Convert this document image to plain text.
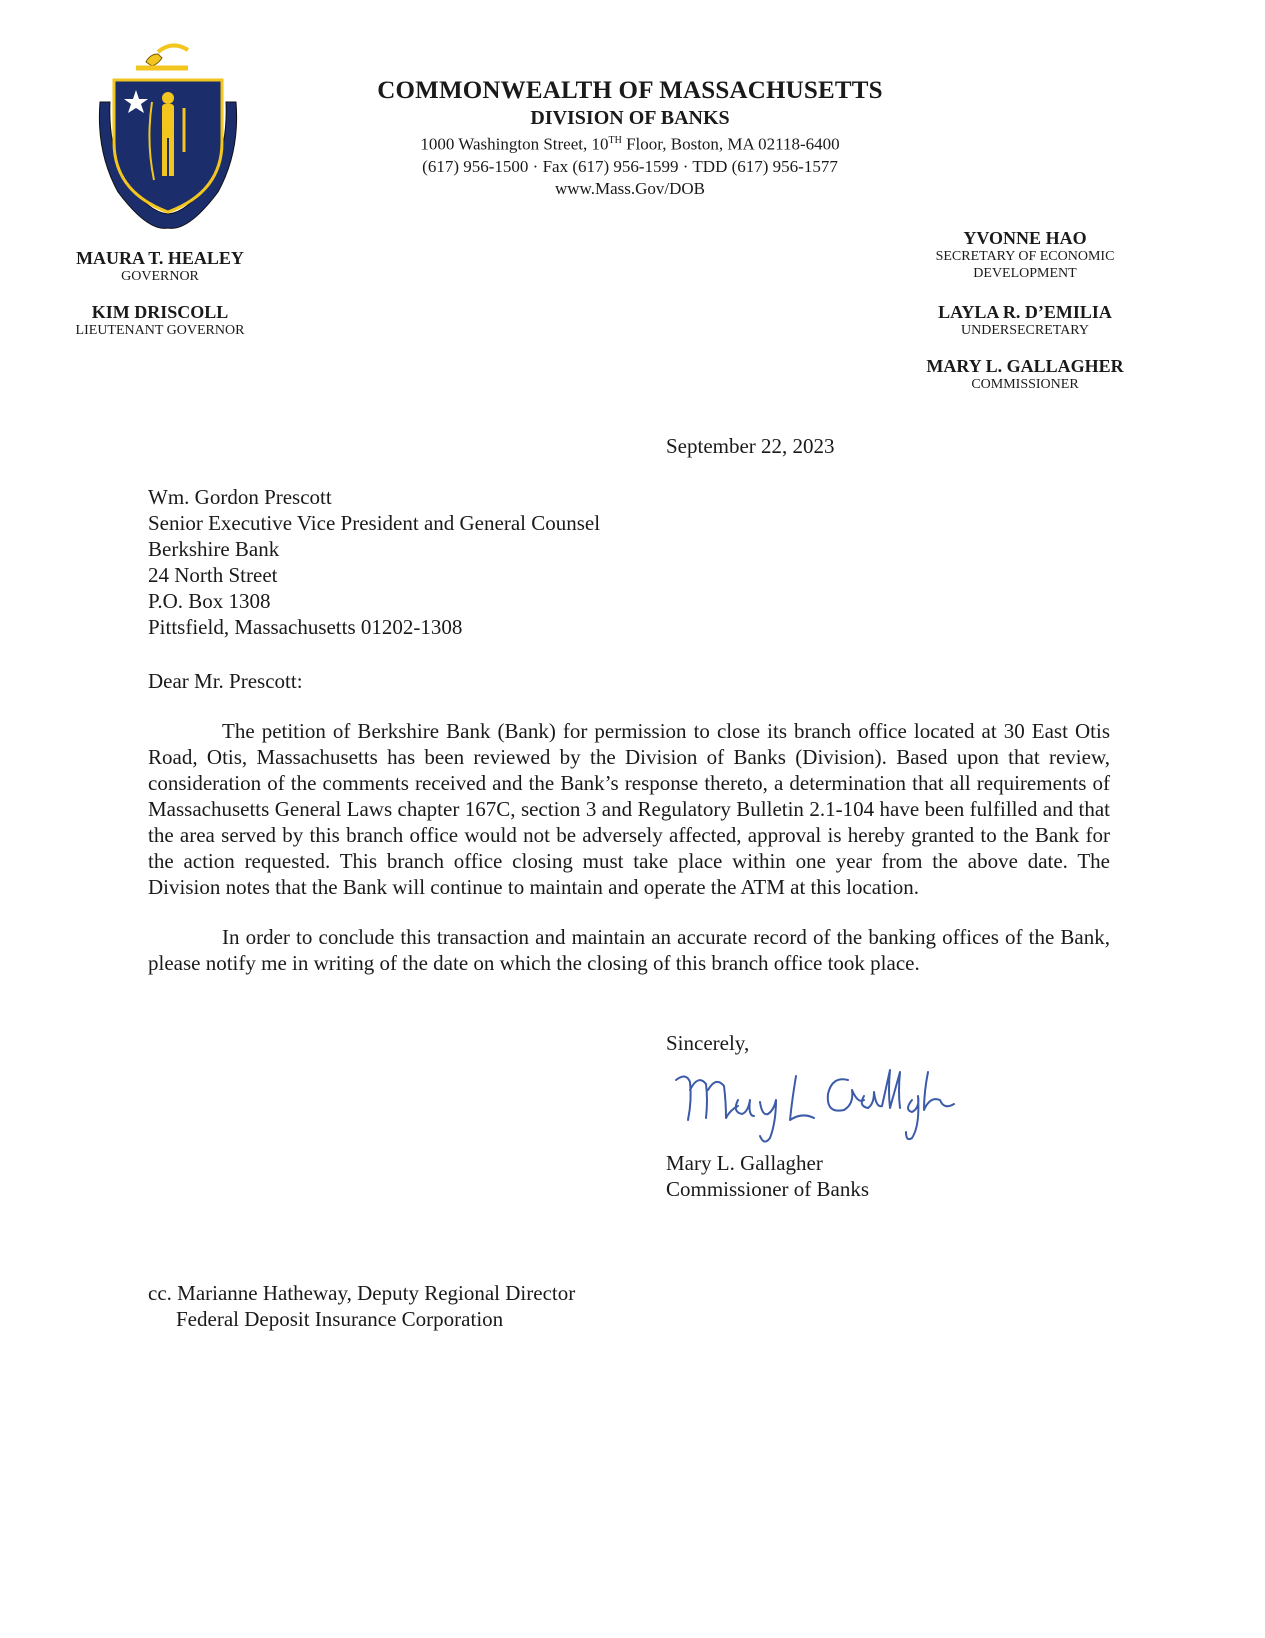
COMMONWEALTH OF MASSACHUSETTS
DIVISION OF BANKS
1000 Washington Street, 10TH Floor, Boston, MA 02118-6400
(617) 956-1500 · Fax (617) 956-1599 · TDD (617) 956-1577
www.Mass.Gov/DOB
MAURA T. HEALEY
GOVERNOR
KIM DRISCOLL
LIEUTENANT GOVERNOR
YVONNE HAO
SECRETARY OF ECONOMIC
DEVELOPMENT
LAYLA R. D’EMILIA
UNDERSECRETARY
MARY L. GALLAGHER
COMMISSIONER
September 22, 2023
Wm. Gordon Prescott
Senior Executive Vice President and General Counsel
Berkshire Bank
24 North Street
P.O. Box 1308
Pittsfield, Massachusetts 01202-1308
Dear Mr. Prescott:

The petition of Berkshire Bank (Bank) for permission to close its branch office located at 30 East Otis Road, Otis, Massachusetts has been reviewed by the Division of Banks (Division). Based upon that review, consideration of the comments received and the Bank’s response thereto, a determination that all requirements of Massachusetts General Laws chapter 167C, section 3 and Regulatory Bulletin 2.1-104 have been fulfilled and that the area served by this branch office would not be adversely affected, approval is hereby granted to the Bank for the action requested. This branch office closing must take place within one year from the above date. The Division notes that the Bank will continue to maintain and operate the ATM at this location.

In order to conclude this transaction and maintain an accurate record of the banking offices of the Bank, please notify me in writing of the date on which the closing of this branch office took place.

Sincerely,
Mary L. Gallagher
Commissioner of Banks
cc. Marianne Hatheway, Deputy Regional Director
Federal Deposit Insurance Corporation
